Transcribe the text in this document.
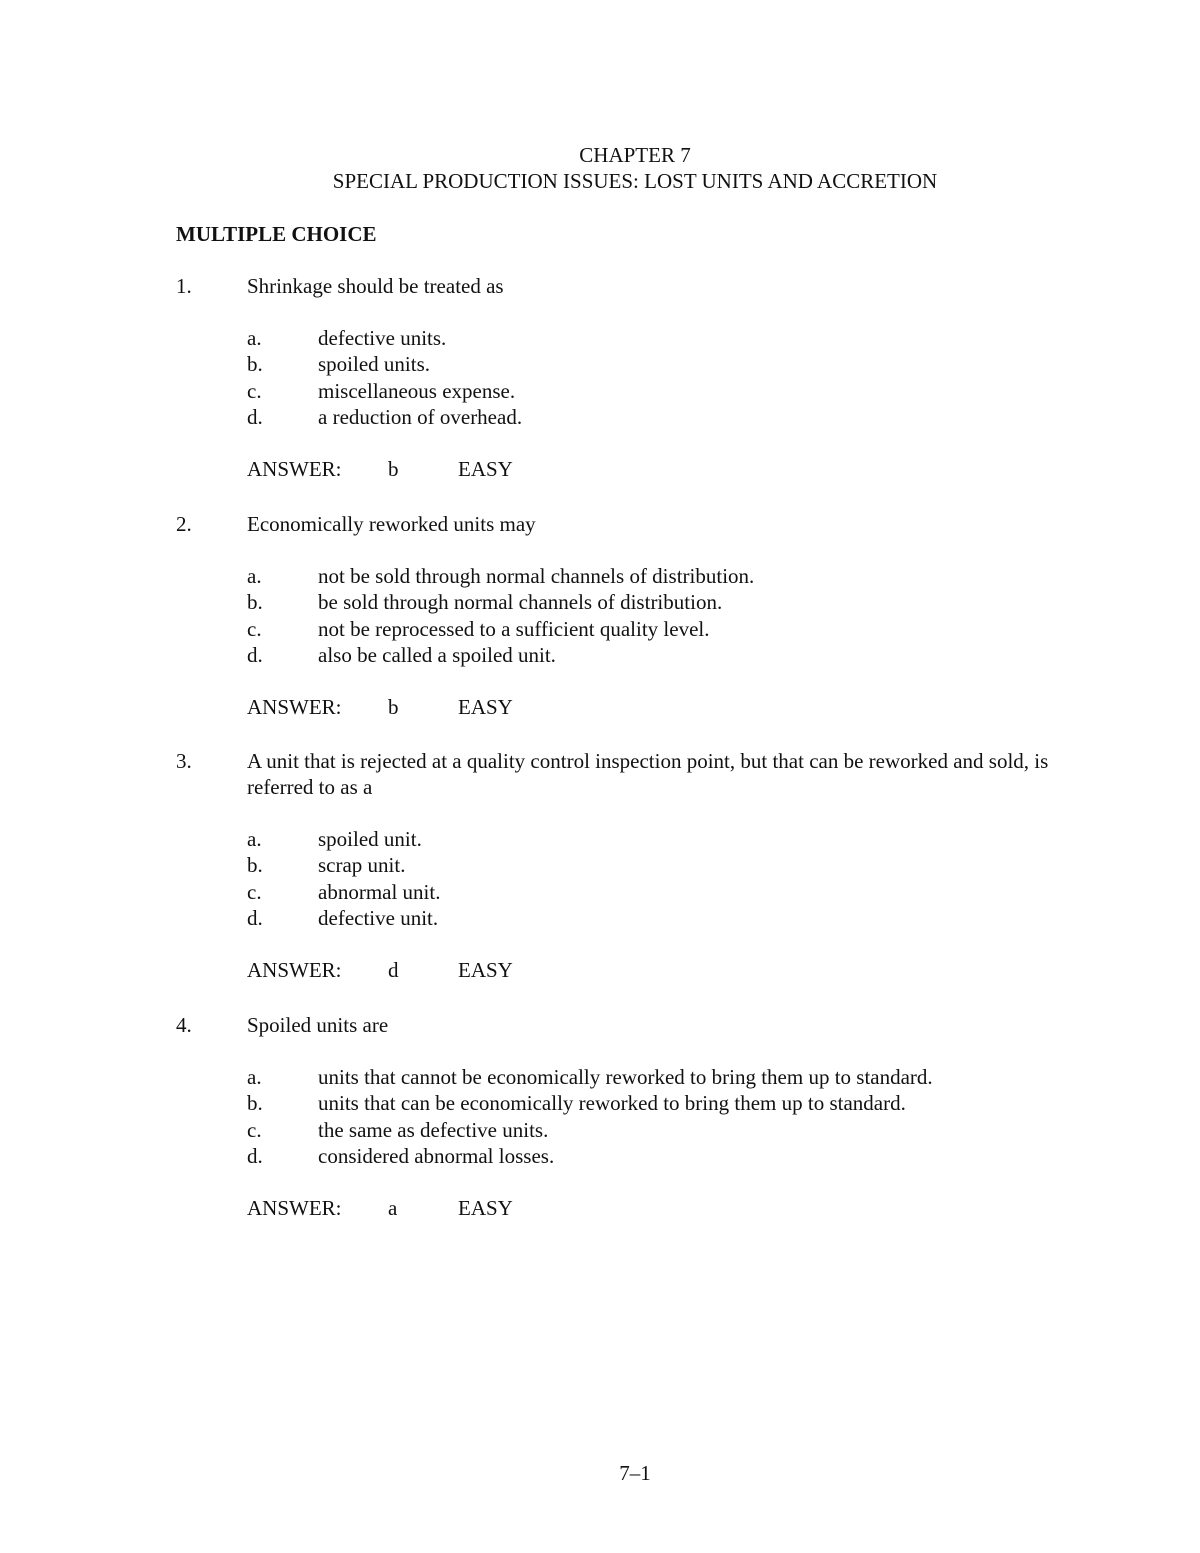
CHAPTER 7
SPECIAL PRODUCTION ISSUES: LOST UNITS AND ACCRETION
MULTIPLE CHOICE
1.	Shrinkage should be treated as
a.	defective units.
b.	spoiled units.
c.	miscellaneous expense.
d.	a reduction of overhead.
ANSWER: b	EASY
2.	Economically reworked units may
a.	not be sold through normal channels of distribution.
b.	be sold through normal channels of distribution.
c.	not be reprocessed to a sufficient quality level.
d.	also be called a spoiled unit.
ANSWER: b	EASY
3.	A unit that is rejected at a quality control inspection point, but that can be reworked and sold, is referred to as a
a.	spoiled unit.
b.	scrap unit.
c.	abnormal unit.
d.	defective unit.
ANSWER: d	EASY
4.	Spoiled units are
a.	units that cannot be economically reworked to bring them up to standard.
b.	units that can be economically reworked to bring them up to standard.
c.	the same as defective units.
d.	considered abnormal losses.
ANSWER: a	EASY
7–1
